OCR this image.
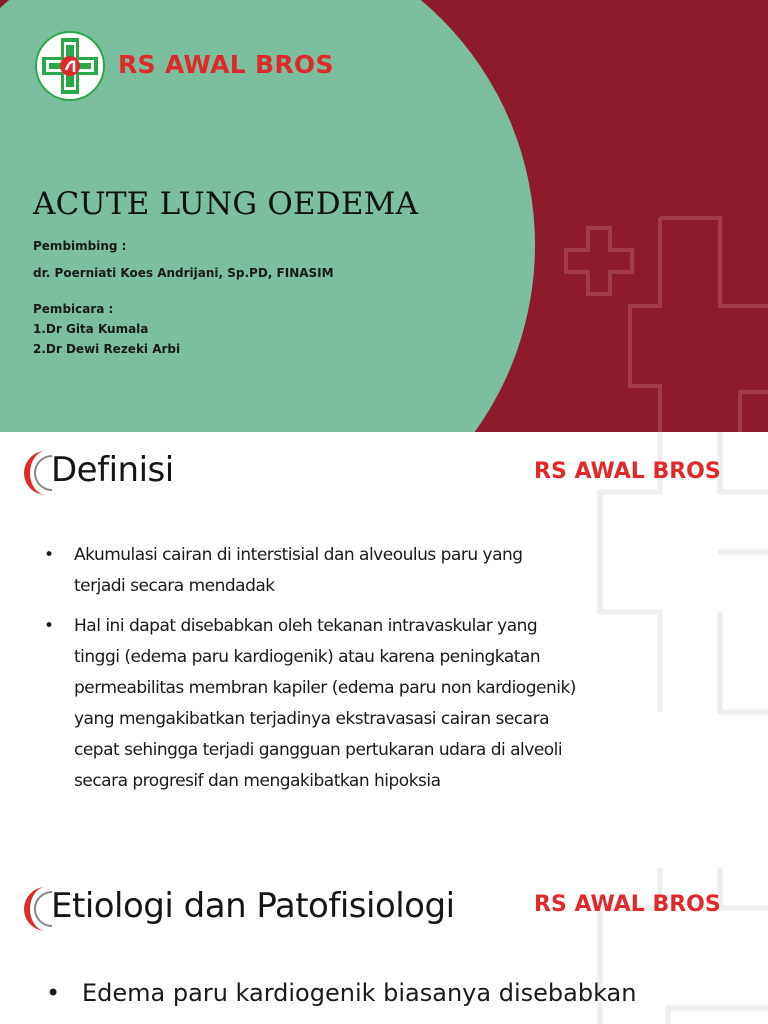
RS AWAL BROS
ACUTE LUNG OEDEMA
Pembimbing :
dr. Poerniati Koes Andrijani, Sp.PD, FINASIM
Pembicara :
1.Dr Gita Kumala
2.Dr Dewi Rezeki Arbi
Definisi	RS AWAL BROS
• Akumulasi cairan di interstisial dan alveoulus paru yang
terjadi secara mendadak
• Hal ini dapat disebabkan oleh tekanan intravaskular yang
tinggi (edema paru kardiogenik) atau karena peningkatan
permeabilitas membran kapiler (edema paru non kardiogenik)
yang mengakibatkan terjadinya ekstravasasi cairan secara
cepat sehingga terjadi gangguan pertukaran udara di alveoli
secara progresif dan mengakibatkan hipoksia
Etiologi dan Patofisiologi	RS AWAL BROS
• Edema paru kardiogenik biasanya disebabkan
